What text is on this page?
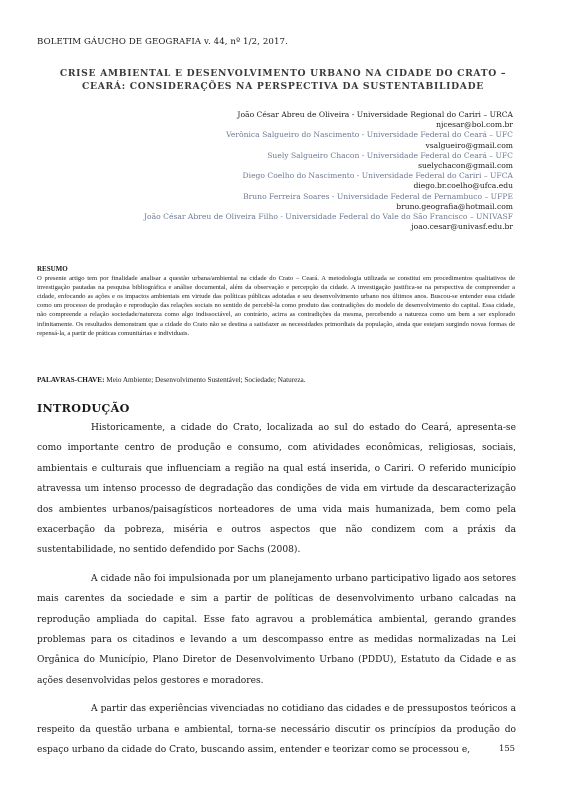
BOLETIM GÁUCHO DE GEOGRAFIA v. 44, nº 1/2, 2017.
CRISE AMBIENTAL E DESENVOLVIMENTO URBANO NA CIDADE DO CRATO – CEARÁ: CONSIDERAÇÕES NA PERSPECTIVA DA SUSTENTABILIDADE
João César Abreu de Oliveira - Universidade Regional do Cariri – URCA
njcesar@bol.com.br
Verônica Salgueiro do Nascimento - Universidade Federal do Ceará – UFC
vsalgueiro@gmail.com
Suely Salgueiro Chacon - Universidade Federal do Ceará – UFC
suelychacon@gmail.com
Diego Coelho do Nascimento - Universidade Federal do Cariri – UFCA
diego.br.coelho@ufca.edu
Bruno Ferreira Soares - Universidade Federal de Pernambuco – UFPE
bruno.geografia@hotmail.com
João César Abreu de Oliveira Filho - Universidade Federal do Vale do São Francisco – UNIVASF
joao.cesar@univasf.edu.br
RESUMO
O presente artigo tem por finalidade analisar a questão urbana/ambiental na cidade do Crato – Ceará. A metodologia utilizada se constitui em procedimentos qualitativos de investigação pautadas na pesquisa bibliográfica e análise documental, além da observação e percepção da cidade. A investigação justifica-se na perspectiva de compreender a cidade, enfocando as ações e os impactos ambientais em virtude das políticas públicas adotadas e seu desenvolvimento urbano nos últimos anos. Buscou-se entender essa cidade como um processo de produção e reprodução das relações sociais no sentido de percebê-la como produto das contradições do modelo de desenvolvimento do capital. Essa cidade, não compreende a relação sociedade/natureza como algo indissociável, ao contrário, acirra as contradições da mesma, percebendo a natureza como um bem a ser explorado infinitamente. Os resultados demonstram que a cidade do Crato não se destina a satisfazer as necessidades primordiais da população, ainda que estejam surgindo novas formas de repensá-la, a partir de práticas comunitárias e individuais.
PALAVRAS-CHAVE: Meio Ambiente; Desenvolvimento Sustentável; Sociedade; Natureza.
INTRODUÇÃO

Historicamente, a cidade do Crato, localizada ao sul do estado do Ceará, apresenta-se como importante centro de produção e consumo, com atividades econômicas, religiosas, sociais, ambientais e culturais que influenciam a região na qual está inserida, o Cariri. O referido município atravessa um intenso processo de degradação das condições de vida em virtude da descaracterização dos ambientes urbanos/paisagísticos norteadores de uma vida mais humanizada, bem como pela exacerbação da pobreza, miséria e outros aspectos que não condizem com a práxis da sustentabilidade, no sentido defendido por Sachs (2008).

A cidade não foi impulsionada por um planejamento urbano participativo ligado aos setores mais carentes da sociedade e sim a partir de políticas de desenvolvimento urbano calcadas na reprodução ampliada do capital. Esse fato agravou a problemática ambiental, gerando grandes problemas para os citadinos e levando a um descompasso entre as medidas normalizadas na Lei Orgânica do Município, Plano Diretor de Desenvolvimento Urbano (PDDU), Estatuto da Cidade e as ações desenvolvidas pelos gestores e moradores.

A partir das experiências vivenciadas no cotidiano das cidades e de pressupostos teóricos a respeito da questão urbana e ambiental, torna-se necessário discutir os princípios da produção do espaço urbano da cidade do Crato, buscando assim, entender e teorizar como se processou e,	155
